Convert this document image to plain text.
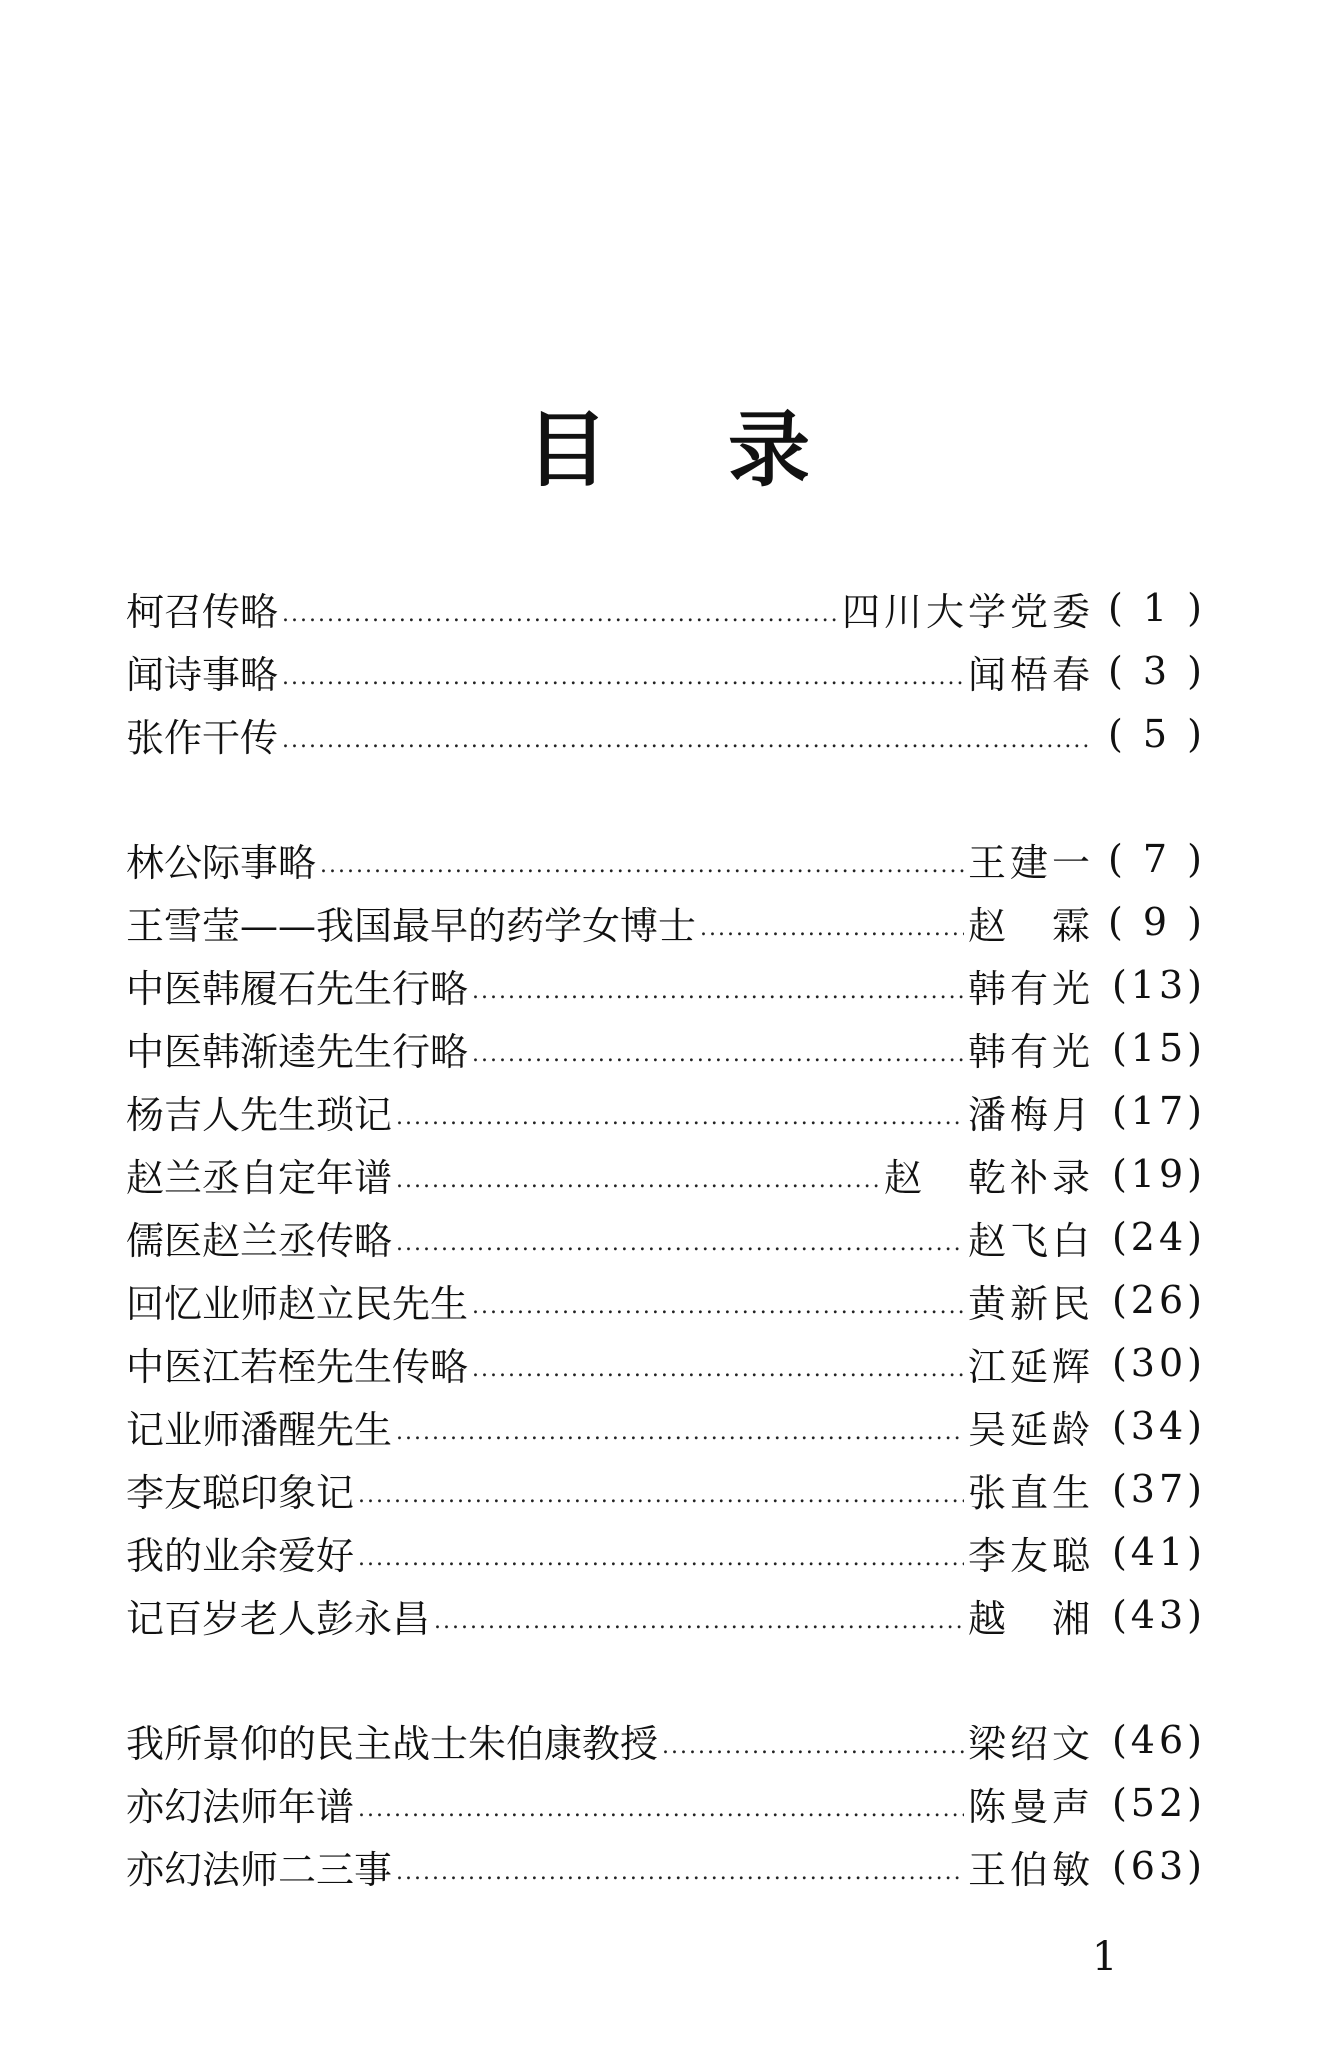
目 录
柯召传略 .....	四川大学党委 ( 1 )
闻诗事略 .....	闻梧春 ( 3 )
张作干传 .....	( 5 )
林公际事略 .....	王建一 ( 7 )
王雪莹——我国最早的药学女博士 .....	赵　霖 ( 9 )
中医韩履石先生行略 .....	韩有光 (13)
中医韩渐逵先生行略 .....	韩有光 (15)
杨吉人先生琐记 .....	潘梅月 (17)
赵兰丞自定年谱 .....	赵　乾补录 (19)
儒医赵兰丞传略 .....	赵飞白 (24)
回忆业师赵立民先生 .....	黄新民 (26)
中医江若桎先生传略 .....	江延辉 (30)
记业师潘醒先生 .....	吴延龄 (34)
李友聪印象记 .....	张直生 (37)
我的业余爱好 .....	李友聪 (41)
记百岁老人彭永昌 .....	越　湘 (43)
我所景仰的民主战士朱伯康教授 .....	梁绍文 (46)
亦幻法师年谱 .....	陈曼声 (52)
亦幻法师二三事 .....	王伯敏 (63)
1
